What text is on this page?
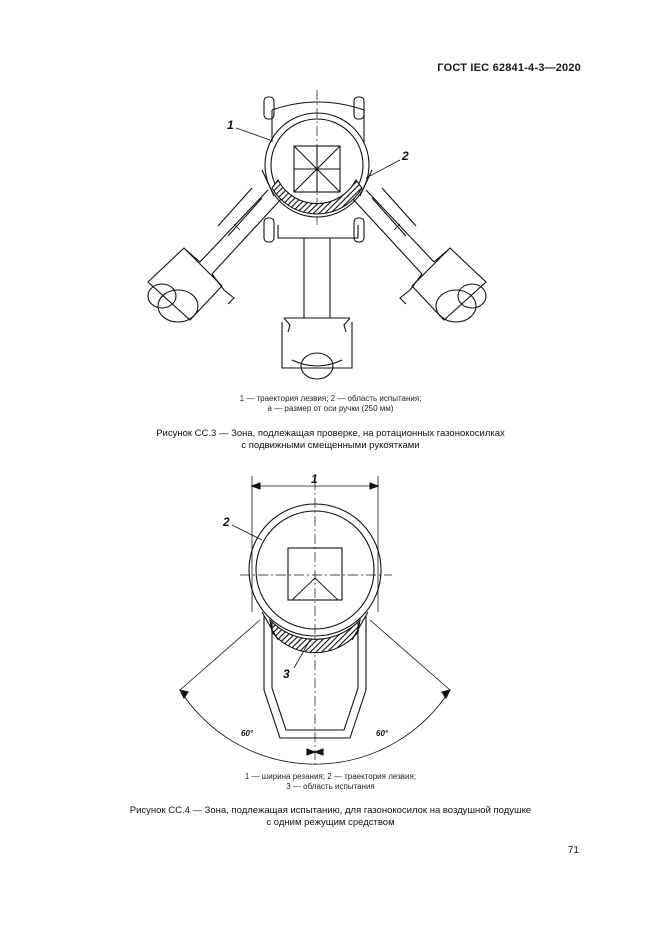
ГОСТ IEC 62841-4-3—2020
1
2
1 — траектория лезвия; 2 — область испытания;
a — размер от оси ручки (250 мм)
Рисунок СС.3 — Зона, подлежащая проверке, на ротационных газонокосилках
с подвижными смещенными рукоятками
1
2
3
60°	60°
1 — ширина резания; 2 — траектория лезвия;
3 — область испытания
Рисунок СС.4 — Зона, подлежащая испытанию, для газонокосилок на воздушной подушке
с одним режущим средством
71
